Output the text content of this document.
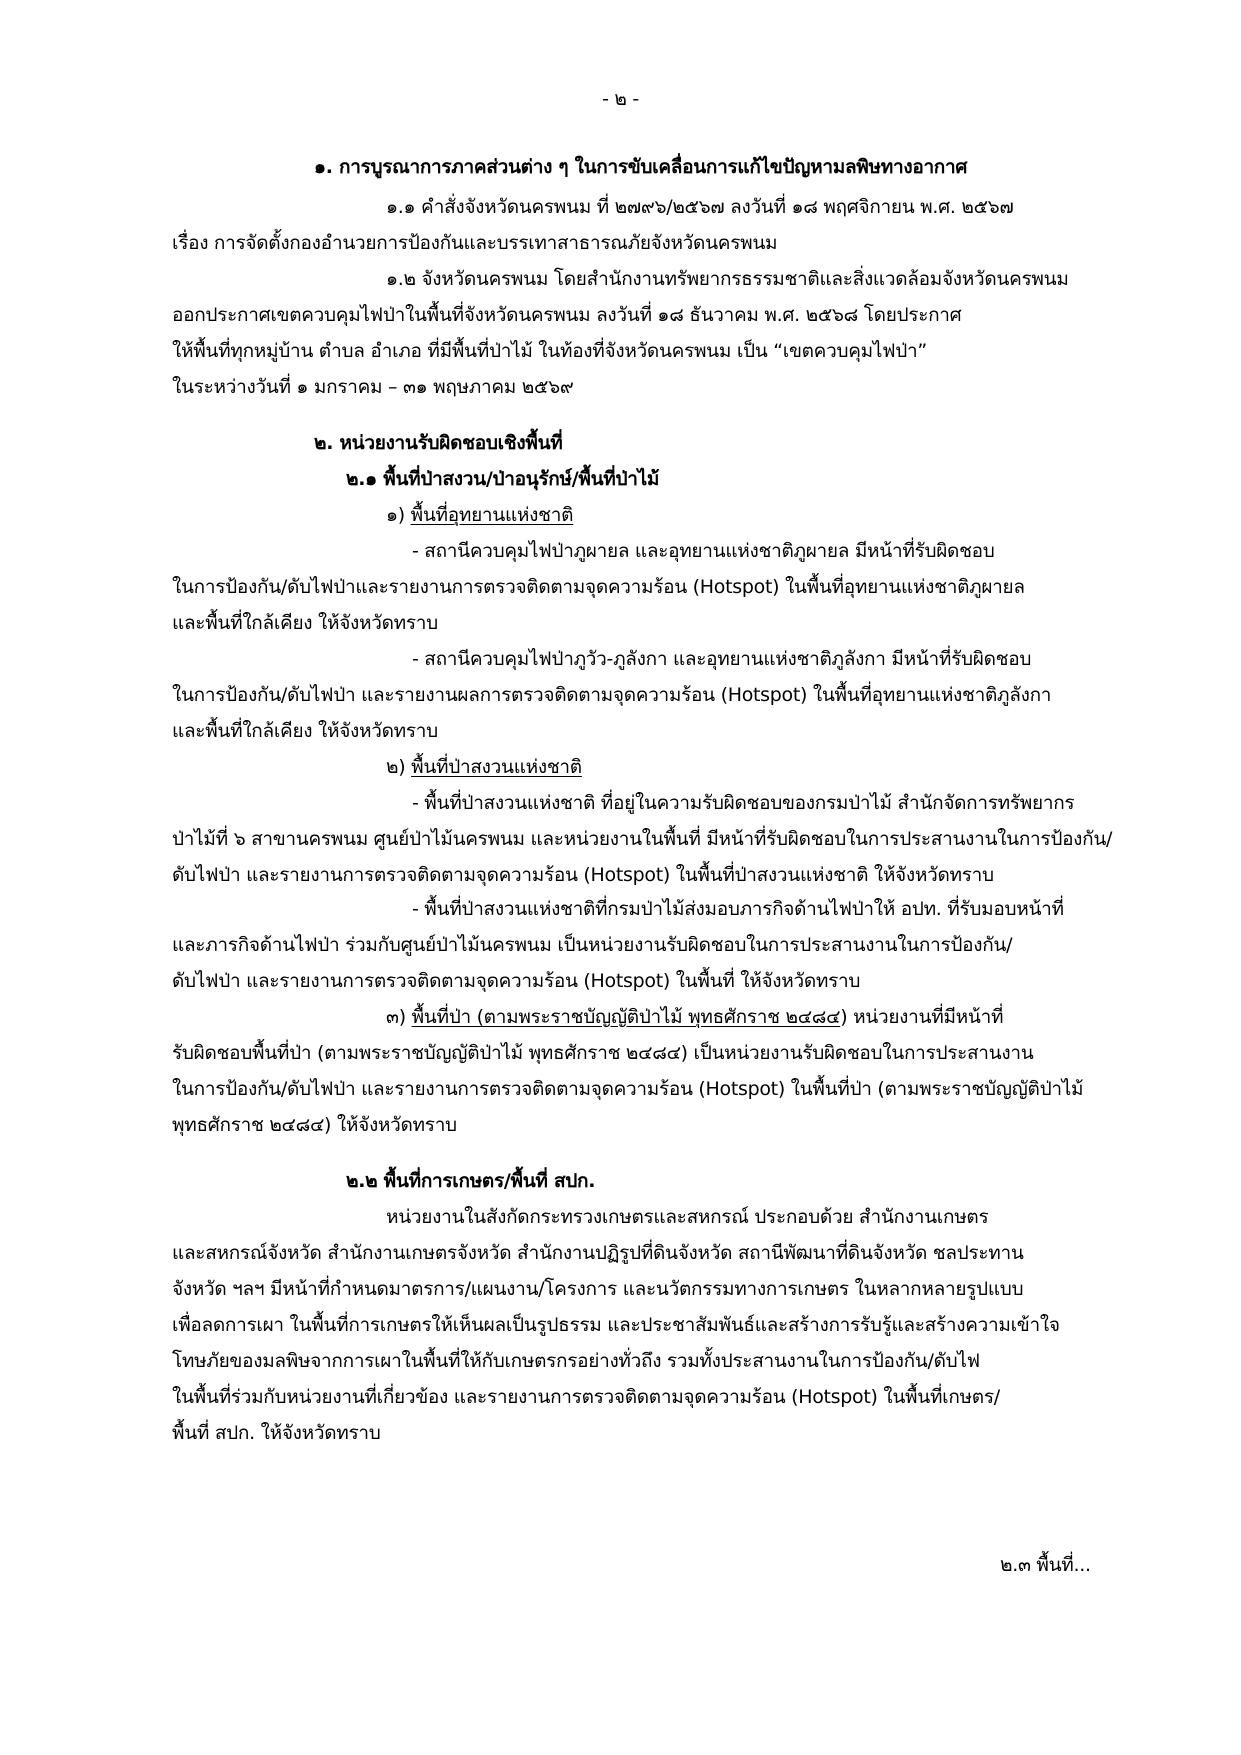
- ๒ -
๑. การบูรณาการภาคส่วนต่าง ๆ ในการขับเคลื่อนการแก้ไขปัญหามลพิษทางอากาศ
๑.๑ คำสั่งจังหวัดนครพนม ที่ ๒๗๙๖/๒๕๖๗ ลงวันที่ ๑๘ พฤศจิกายน พ.ศ. ๒๕๖๗
เรื่อง การจัดตั้งกองอำนวยการป้องกันและบรรเทาสาธารณภัยจังหวัดนครพนม
๑.๒ จังหวัดนครพนม โดยสำนักงานทรัพยากรธรรมชาติและสิ่งแวดล้อมจังหวัดนครพนม
ออกประกาศเขตควบคุมไฟป่าในพื้นที่จังหวัดนครพนม ลงวันที่ ๑๘ ธันวาคม พ.ศ. ๒๕๖๘ โดยประกาศ
ให้พื้นที่ทุกหมู่บ้าน ตำบล อำเภอ ที่มีพื้นที่ป่าไม้ ในท้องที่จังหวัดนครพนม เป็น “เขตควบคุมไฟป่า”
ในระหว่างวันที่ ๑ มกราคม – ๓๑ พฤษภาคม ๒๕๖๙
๒. หน่วยงานรับผิดชอบเชิงพื้นที่
๒.๑ พื้นที่ป่าสงวน/ป่าอนุรักษ์/พื้นที่ป่าไม้
๑) พื้นที่อุทยานแห่งชาติ
- สถานีควบคุมไฟป่าภูผายล และอุทยานแห่งชาติภูผายล มีหน้าที่รับผิดชอบ
ในการป้องกัน/ดับไฟป่าและรายงานการตรวจติดตามจุดความร้อน (Hotspot) ในพื้นที่อุทยานแห่งชาติภูผายล
และพื้นที่ใกล้เคียง ให้จังหวัดทราบ
- สถานีควบคุมไฟป่าภูวัว-ภูลังกา และอุทยานแห่งชาติภูลังกา มีหน้าที่รับผิดชอบ
ในการป้องกัน/ดับไฟป่า และรายงานผลการตรวจติดตามจุดความร้อน (Hotspot) ในพื้นที่อุทยานแห่งชาติภูลังกา
และพื้นที่ใกล้เคียง ให้จังหวัดทราบ
๒) พื้นที่ป่าสงวนแห่งชาติ
- พื้นที่ป่าสงวนแห่งชาติ ที่อยู่ในความรับผิดชอบของกรมป่าไม้ สำนักจัดการทรัพยากร
ป่าไม้ที่ ๖ สาขานครพนม ศูนย์ป่าไม้นครพนม และหน่วยงานในพื้นที่ มีหน้าที่รับผิดชอบในการประสานงานในการป้องกัน/
ดับไฟป่า และรายงานการตรวจติดตามจุดความร้อน (Hotspot) ในพื้นที่ป่าสงวนแห่งชาติ ให้จังหวัดทราบ
- พื้นที่ป่าสงวนแห่งชาติที่กรมป่าไม้ส่งมอบภารกิจด้านไฟป่าให้ อปท. ที่รับมอบหน้าที่
และภารกิจด้านไฟป่า ร่วมกับศูนย์ป่าไม้นครพนม เป็นหน่วยงานรับผิดชอบในการประสานงานในการป้องกัน/
ดับไฟป่า และรายงานการตรวจติดตามจุดความร้อน (Hotspot) ในพื้นที่ ให้จังหวัดทราบ
๓) พื้นที่ป่า (ตามพระราชบัญญัติป่าไม้ พุทธศักราช ๒๔๘๔) หน่วยงานที่มีหน้าที่
รับผิดชอบพื้นที่ป่า (ตามพระราชบัญญัติป่าไม้ พุทธศักราช ๒๔๘๔) เป็นหน่วยงานรับผิดชอบในการประสานงาน
ในการป้องกัน/ดับไฟป่า และรายงานการตรวจติดตามจุดความร้อน (Hotspot) ในพื้นที่ป่า (ตามพระราชบัญญัติป่าไม้
พุทธศักราช ๒๔๘๔) ให้จังหวัดทราบ
๒.๒ พื้นที่การเกษตร/พื้นที่ สปก.
หน่วยงานในสังกัดกระทรวงเกษตรและสหกรณ์ ประกอบด้วย สำนักงานเกษตร
และสหกรณ์จังหวัด สำนักงานเกษตรจังหวัด สำนักงานปฏิรูปที่ดินจังหวัด สถานีพัฒนาที่ดินจังหวัด ชลประทาน
จังหวัด ฯลฯ มีหน้าที่กำหนดมาตรการ/แผนงาน/โครงการ และนวัตกรรมทางการเกษตร ในหลากหลายรูปแบบ
เพื่อลดการเผา ในพื้นที่การเกษตรให้เห็นผลเป็นรูปธรรม และประชาสัมพันธ์และสร้างการรับรู้และสร้างความเข้าใจ
โทษภัยของมลพิษจากการเผาในพื้นที่ให้กับเกษตรกรอย่างทั่วถึง รวมทั้งประสานงานในการป้องกัน/ดับไฟ
ในพื้นที่ร่วมกับหน่วยงานที่เกี่ยวข้อง และรายงานการตรวจติดตามจุดความร้อน (Hotspot) ในพื้นที่เกษตร/
พื้นที่ สปก. ให้จังหวัดทราบ
๒.๓ พื้นที่...
